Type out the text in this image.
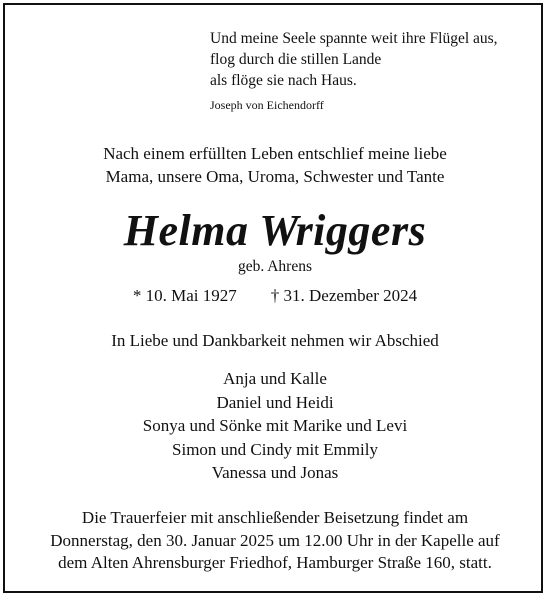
Und meine Seele spannte weit ihre Flügel aus,
flog durch die stillen Lande
als flöge sie nach Haus.
Joseph von Eichendorff
Nach einem erfüllten Leben entschlief meine liebe
Mama, unsere Oma, Uroma, Schwester und Tante
Helma Wriggers
geb. Ahrens
* 10. Mai 1927 † 31. Dezember 2024
In Liebe und Dankbarkeit nehmen wir Abschied
Anja und Kalle
Daniel und Heidi
Sonya und Sönke mit Marike und Levi
Simon und Cindy mit Emmily
Vanessa und Jonas
Die Trauerfeier mit anschließender Beisetzung findet am
Donnerstag, den 30. Januar 2025 um 12.00 Uhr in der Kapelle auf
dem Alten Ahrensburger Friedhof, Hamburger Straße 160, statt.
